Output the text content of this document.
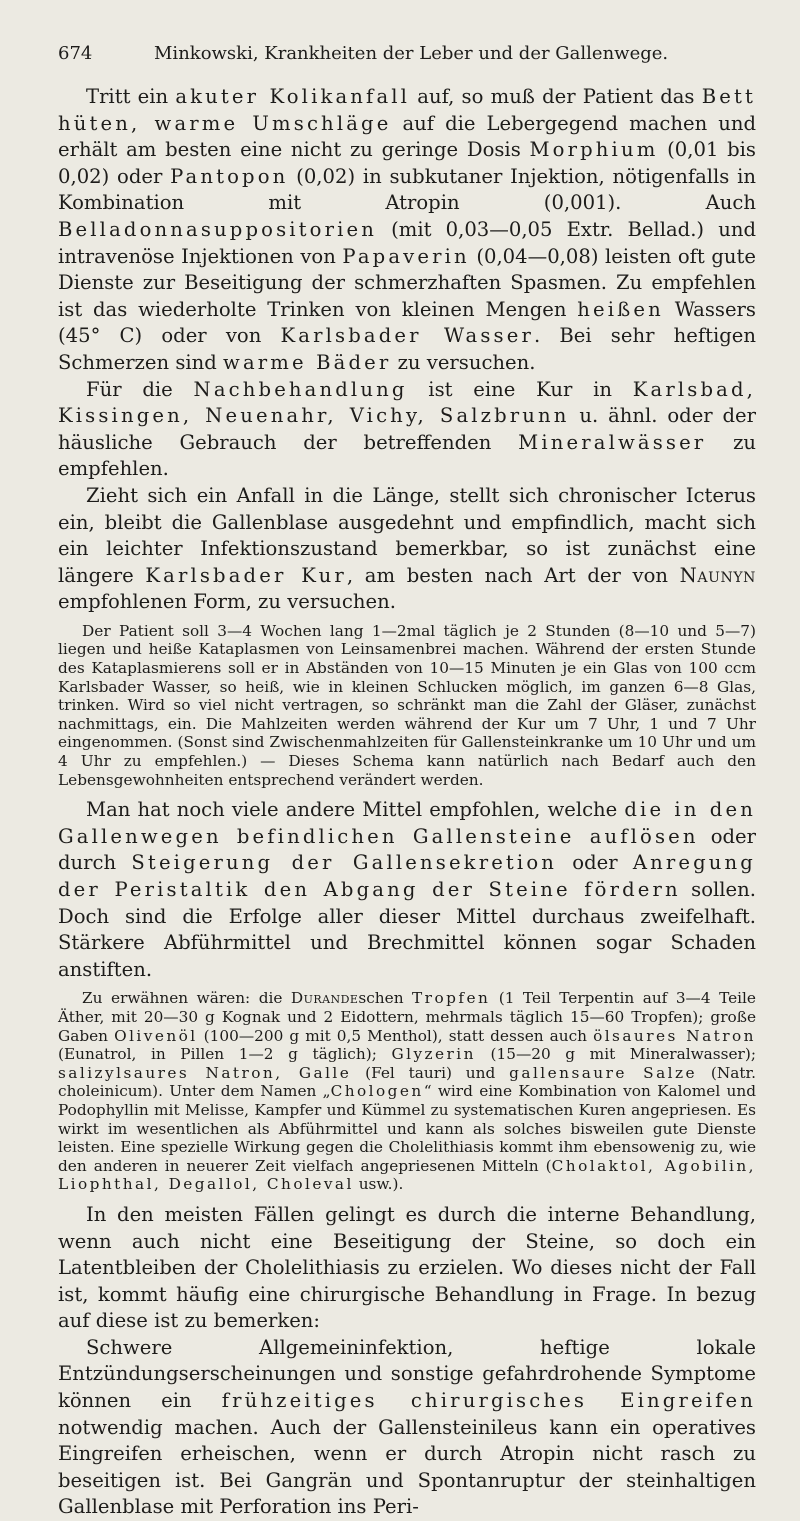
674	Minkowski, Krankheiten der Leber und der Gallenwege.

Tritt ein akuter Kolikanfall auf, so muß der Patient das Bett hüten, warme Umschläge auf die Lebergegend machen und erhält am besten eine nicht zu geringe Dosis Morphium (0,01 bis 0,02) oder Pantopon (0,02) in subkutaner Injektion, nötigenfalls in Kombination mit Atropin (0,001). Auch Belladonnasuppositorien (mit 0,03—0,05 Extr. Bellad.) und intravenöse Injektionen von Papaverin (0,04—0,08) leisten oft gute Dienste zur Beseitigung der schmerzhaften Spasmen. Zu empfehlen ist das wiederholte Trinken von kleinen Mengen heißen Wassers (45° C) oder von Karlsbader Wasser. Bei sehr heftigen Schmerzen sind warme Bäder zu versuchen.

Für die Nachbehandlung ist eine Kur in Karlsbad, Kissingen, Neuenahr, Vichy, Salzbrunn u. ähnl. oder der häusliche Gebrauch der betreffenden Mineralwässer zu empfehlen.

Zieht sich ein Anfall in die Länge, stellt sich chronischer Icterus ein, bleibt die Gallenblase ausgedehnt und empfindlich, macht sich ein leichter Infektionszustand bemerkbar, so ist zunächst eine längere Karlsbader Kur, am besten nach Art der von Naunyn empfohlenen Form, zu versuchen.

Der Patient soll 3—4 Wochen lang 1—2mal täglich je 2 Stunden (8—10 und 5—7) liegen und heiße Kataplasmen von Leinsamenbrei machen. Während der ersten Stunde des Kataplasmierens soll er in Abständen von 10—15 Minuten je ein Glas von 100 ccm Karlsbader Wasser, so heiß, wie in kleinen Schlucken möglich, im ganzen 6—8 Glas, trinken. Wird so viel nicht vertragen, so schränkt man die Zahl der Gläser, zunächst nachmittags, ein. Die Mahlzeiten werden während der Kur um 7 Uhr, 1 und 7 Uhr eingenommen. (Sonst sind Zwischenmahlzeiten für Gallensteinkranke um 10 Uhr und um 4 Uhr zu empfehlen.) — Dieses Schema kann natürlich nach Bedarf auch den Lebensgewohnheiten entsprechend verändert werden.

Man hat noch viele andere Mittel empfohlen, welche die in den Gallenwegen befindlichen Gallensteine auflösen oder durch Steigerung der Gallensekretion oder Anregung der Peristaltik den Abgang der Steine fördern sollen. Doch sind die Erfolge aller dieser Mittel durchaus zweifelhaft. Stärkere Abführmittel und Brechmittel können sogar Schaden anstiften.

Zu erwähnen wären: die Durandeschen Tropfen (1 Teil Terpentin auf 3—4 Teile Äther, mit 20—30 g Kognak und 2 Eidottern, mehrmals täglich 15—60 Tropfen); große Gaben Olivenöl (100—200 g mit 0,5 Menthol), statt dessen auch ölsaures Natron (Eunatrol, in Pillen 1—2 g täglich); Glyzerin (15—20 g mit Mineralwasser); salizylsaures Natron, Galle (Fel tauri) und gallensaure Salze (Natr. choleinicum). Unter dem Namen „Chologen“ wird eine Kombination von Kalomel und Podophyllin mit Melisse, Kampfer und Kümmel zu systematischen Kuren angepriesen. Es wirkt im wesentlichen als Abführmittel und kann als solches bisweilen gute Dienste leisten. Eine spezielle Wirkung gegen die Cholelithiasis kommt ihm ebensowenig zu, wie den anderen in neuerer Zeit vielfach angepriesenen Mitteln (Cholaktol, Agobilin, Liophthal, Degallol, Choleval usw.).

In den meisten Fällen gelingt es durch die interne Behandlung, wenn auch nicht eine Beseitigung der Steine, so doch ein Latentbleiben der Cholelithiasis zu erzielen. Wo dieses nicht der Fall ist, kommt häufig eine chirurgische Behandlung in Frage. In bezug auf diese ist zu bemerken:

Schwere Allgemeininfektion, heftige lokale Entzündungserscheinungen und sonstige gefahrdrohende Symptome können ein frühzeitiges chirurgisches Eingreifen notwendig machen. Auch der Gallensteinileus kann ein operatives Eingreifen erheischen, wenn er durch Atropin nicht rasch zu beseitigen ist. Bei Gangrän und Spontanruptur der steinhaltigen Gallenblase mit Perforation ins Peri-
